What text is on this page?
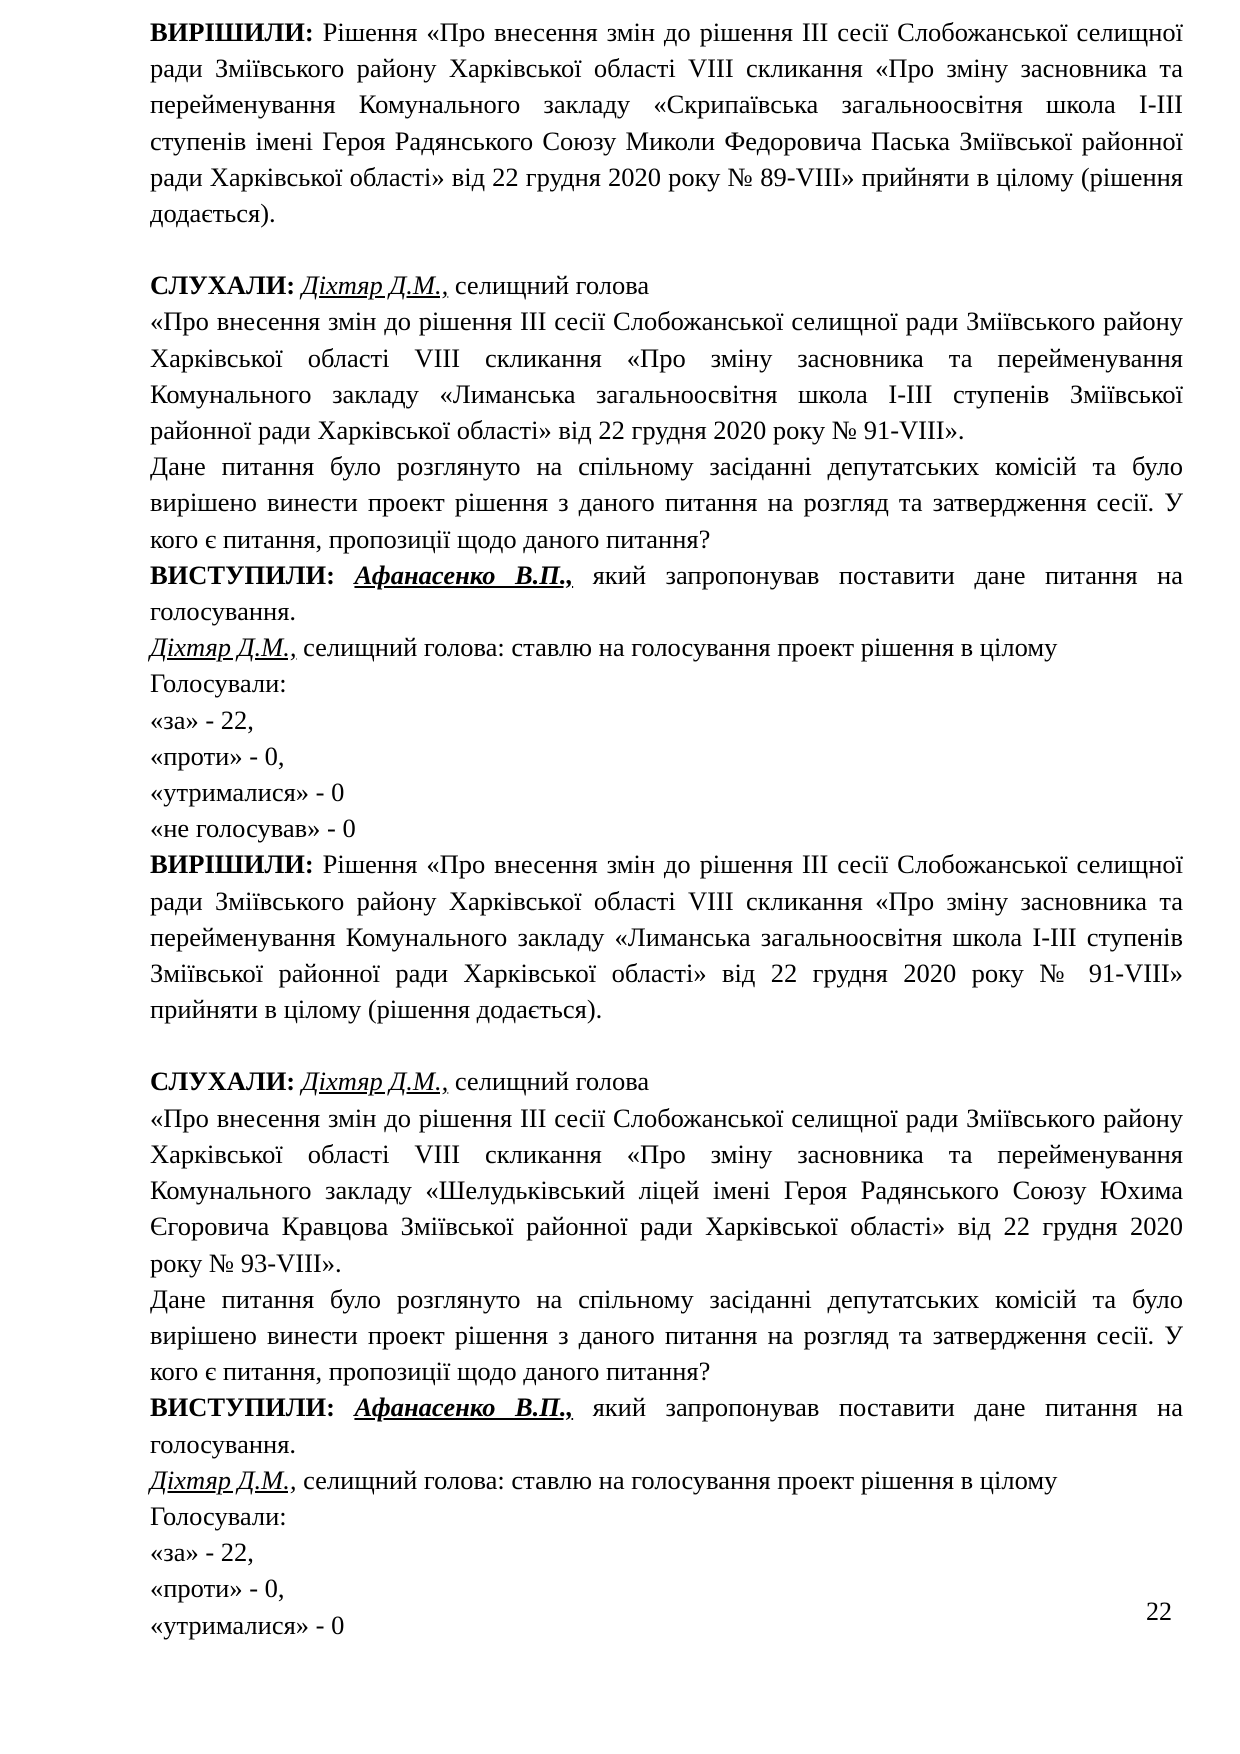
ВИРІШИЛИ: Рішення «Про внесення змін до рішення ІІІ сесії Слобожанської селищної ради Зміївського району Харківської області VIII скликання «Про зміну засновника та перейменування Комунального закладу «Скрипаївська загальноосвітня школа І-ІІІ ступенів імені Героя Радянського Союзу Миколи Федоровича Паська Зміївської районної ради Харківської області» від 22 грудня 2020 року № 89-VIII» прийняти в цілому (рішення додається).

СЛУХАЛИ: Діхтяр Д.М., селищний голова

«Про внесення змін до рішення ІІІ сесії Слобожанської селищної ради Зміївського району Харківської області VIII скликання «Про зміну засновника та перейменування Комунального закладу «Лиманська загальноосвітня школа І-ІІІ ступенів Зміївської районної ради Харківської області» від 22 грудня 2020 року № 91-VIII».

Дане питання було розглянуто на спільному засіданні депутатських комісій та було вирішено винести проект рішення з даного питання на розгляд та затвердження сесії. У кого є питання, пропозиції щодо даного питання?

ВИСТУПИЛИ: Афанасенко В.П., який запропонував поставити дане питання на голосування.

Діхтяр Д.М., селищний голова: ставлю на голосування проект рішення в цілому

Голосували:

«за» - 22,

«проти» - 0,

«утрималися» - 0

«не голосував» - 0

ВИРІШИЛИ: Рішення «Про внесення змін до рішення ІІІ сесії Слобожанської селищної ради Зміївського району Харківської області VIII скликання «Про зміну засновника та перейменування Комунального закладу «Лиманська загальноосвітня школа І-ІІІ ступенів Зміївської районної ради Харківської області» від 22 грудня 2020 року № 91-VIII» прийняти в цілому (рішення додається).

СЛУХАЛИ: Діхтяр Д.М., селищний голова

«Про внесення змін до рішення ІІІ сесії Слобожанської селищної ради Зміївського району Харківської області VIII скликання «Про зміну засновника та перейменування Комунального закладу «Шелудьківський ліцей імені Героя Радянського Союзу Юхима Єгоровича Кравцова Зміївської районної ради Харківської області» від 22 грудня 2020 року № 93-VIII».

Дане питання було розглянуто на спільному засіданні депутатських комісій та було вирішено винести проект рішення з даного питання на розгляд та затвердження сесії. У кого є питання, пропозиції щодо даного питання?

ВИСТУПИЛИ: Афанасенко В.П., який запропонував поставити дане питання на голосування.

Діхтяр Д.М., селищний голова: ставлю на голосування проект рішення в цілому

Голосували:

«за» - 22,

«проти» - 0,

«утрималися» - 0	22
